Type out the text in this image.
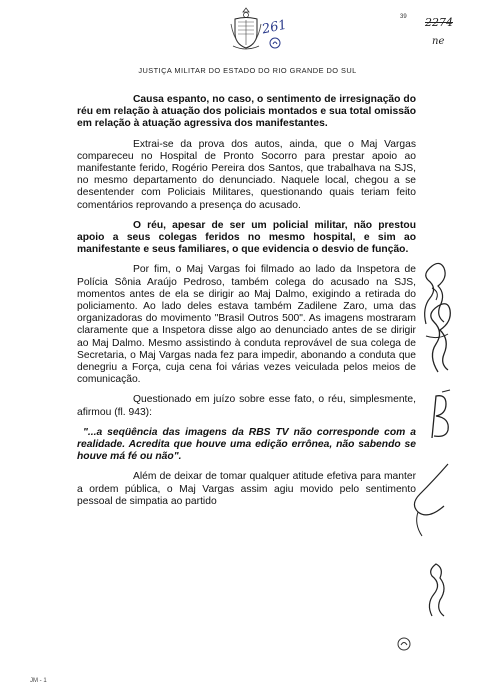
261
39 2274
ne
JUSTIÇA MILITAR DO ESTADO DO RIO GRANDE DO SUL

Causa espanto, no caso, o sentimento de irresignação do réu em relação à atuação dos policiais montados e sua total omissão em relação à atuação agressiva dos manifestantes.

Extrai-se da prova dos autos, ainda, que o Maj Vargas compareceu no Hospital de Pronto Socorro para prestar apoio ao manifestante ferido, Rogério Pereira dos Santos, que trabalhava na SJS, no mesmo departamento do denunciado. Naquele local, chegou a se desentender com Policiais Militares, questionando quais teriam feito comentários reprovando a presença do acusado.

O réu, apesar de ser um policial militar, não prestou apoio a seus colegas feridos no mesmo hospital, e sim ao manifestante e seus familiares, o que evidencia o desvio de função.

Por fim, o Maj Vargas foi filmado ao lado da Inspetora de Polícia Sônia Araújo Pedroso, também colega do acusado na SJS, momentos antes de ela se dirigir ao Maj Dalmo, exigindo a retirada do policiamento. Ao lado deles estava também Zadilene Zaro, uma das organizadoras do movimento "Brasil Outros 500". As imagens mostraram claramente que a Inspetora disse algo ao denunciado antes de se dirigir ao Maj Dalmo. Mesmo assistindo à conduta reprovável de sua colega de Secretaria, o Maj Vargas nada fez para impedir, abonando a conduta que denegriu a Força, cuja cena foi várias vezes veiculada pelos meios de comunicação.

Questionado em juízo sobre esse fato, o réu, simplesmente, afirmou (fl. 943):

"...a seqüência das imagens da RBS TV não corresponde com a realidade. Acredita que houve uma edição errônea, não sabendo se houve má fé ou não".

Além de deixar de tomar qualquer atitude efetiva para manter a ordem pública, o Maj Vargas assim agiu movido pelo sentimento pessoal de simpatia ao partido

JM - 1
